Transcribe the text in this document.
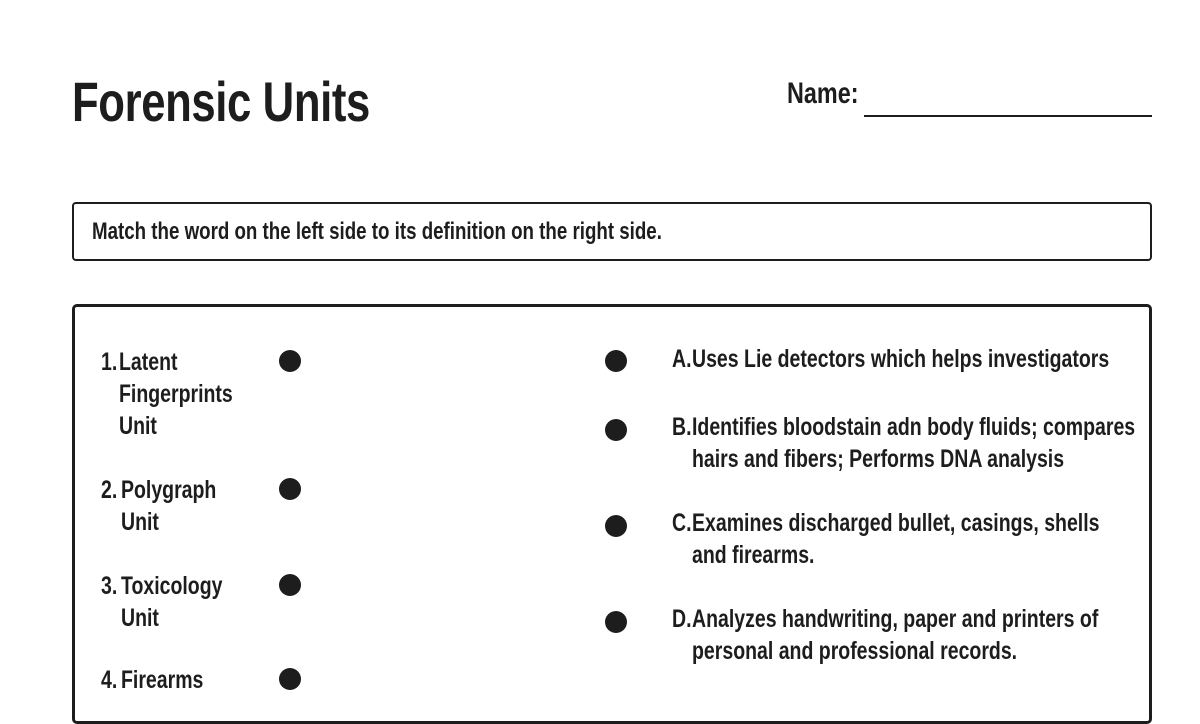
Forensic Units	Name:
Match the word on the left side to its definition on the right side.
1. Latent
Fingerprints
Unit
2. Polygraph
Unit
3. Toxicology
Unit
4. Firearms
A. Uses Lie detectors which helps investigators
B. Identifies bloodstain adn body fluids; compares
hairs and fibers; Performs DNA analysis
C. Examines discharged bullet, casings, shells
and firearms.
D. Analyzes handwriting, paper and printers of
personal and professional records.
